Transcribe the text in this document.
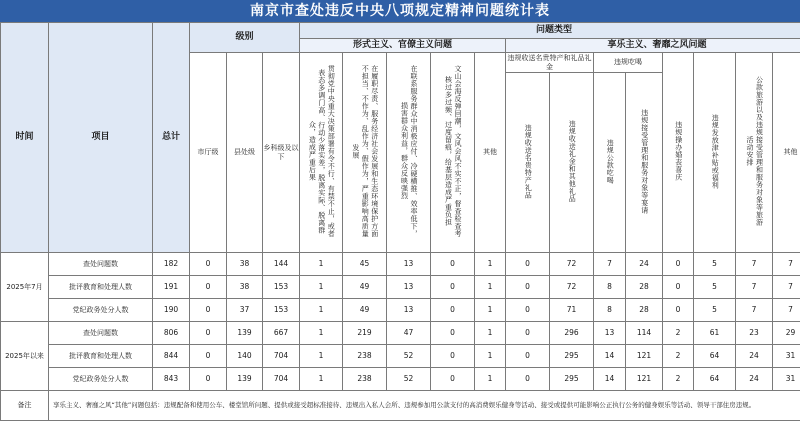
南京市查处违反中央八项规定精神问题统计表
时间	项目	总计	级别			问题类型												
						形式主义、官僚主义问题					享乐主义、奢靡之风问题							
			市厅级	县处级	乡科级及以下	贯彻党中央重大决策部署有令不行、有禁不止，或者表态多调门高、行动少落实差，脱离实际、脱离群众，造成严重后果	在履职尽责、服务经济社会发展和生态环境保护方面不担当、不作为、乱作为、假作为，严重影响高质量发展	在联系服务群众中消极应付、冷硬横推、效率低下，损害群众利益，群众反映强烈	文山会海反弹回潮，文风会风不实不正，督查检查考核过多过频、过度留痕，给基层造成严重负担	其他	违规收送名贵特产和礼品礼金		违规吃喝		违规操办婚丧喜庆	违规发放津补贴或福利	公款旅游以及违规接受管理和服务对象等旅游活动安排	其他
											违规收送名贵特产礼品	违规收送礼金和其他礼品	违规公款吃喝	违规接受管理和服务对象等宴请				
2025年7月	查处问题数	182	0	38	144	1	45	13	0	1	0	72	7	24	0	5	7	7
	批评教育和处理人数	191	0	38	153	1	49	13	0	1	0	72	8	28	0	5	7	7
	党纪政务处分人数	190	0	37	153	1	49	13	0	1	0	71	8	28	0	5	7	7
2025年以来	查处问题数	806	0	139	667	1	219	47	0	1	0	296	13	114	2	61	23	29
	批评教育和处理人数	844	0	140	704	1	238	52	0	1	0	295	14	121	2	64	24	31
	党纪政务处分人数	843	0	139	704	1	238	52	0	1	0	295	14	121	2	64	24	31
备注	享乐主义、奢靡之风“其他”问题包括：违规配备和使用公车、楼堂馆所问题、提供或接受超标准接待、违规出入私人会所、违规参加用公款支付的高消费娱乐健身等活动、接受或提供可能影响公正执行公务的健身娱乐等活动、领导干部住房违规。																	
